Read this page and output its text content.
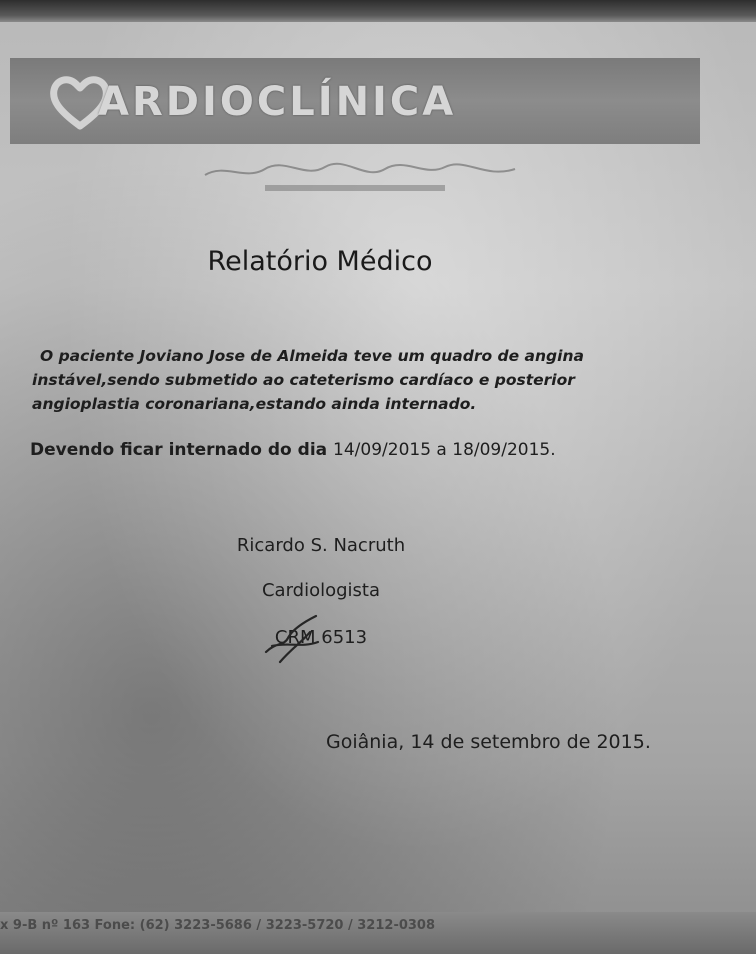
ARDIOCLÍNICA
Relatório Médico
O paciente Joviano Jose de Almeida teve um quadro de angina instável,sendo submetido ao cateterismo cardíaco e posterior angioplastia coronariana,estando ainda internado.
Devendo ficar internado do dia 14/09/2015 a 18/09/2015.
Ricardo S. Nacruth
Cardiologista
CRM 6513
Goiânia, 14 de setembro de 2015.
x 9-B nº 163 Fone: (62) 3223-5686 / 3223-5720 / 3212-0308
